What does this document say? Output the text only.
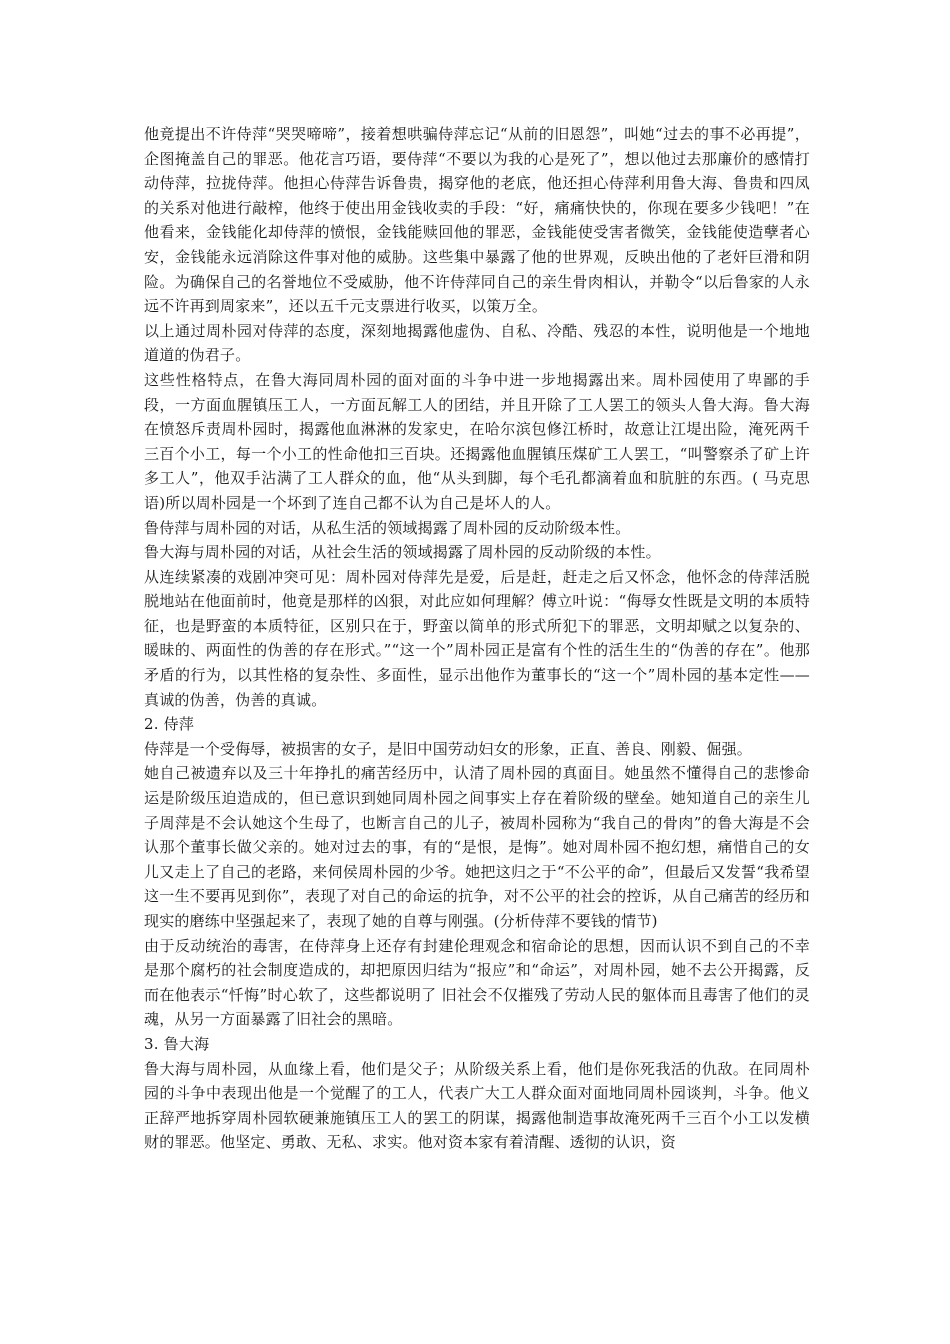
他竟提出不许侍萍“哭哭啼啼”，接着想哄骗侍萍忘记“从前的旧恩怨”，叫她“过去的事不必再提”，企图掩盖自己的罪恶。他花言巧语，要侍萍“不要以为我的心是死了”，想以他过去那廉价的感情打动侍萍，拉拢侍萍。他担心侍萍告诉鲁贵，揭穿他的老底，他还担心侍萍利用鲁大海、鲁贵和四凤的关系对他进行敲榨，他终于使出用金钱收卖的手段：“好，痛痛快快的，你现在要多少钱吧！”在他看来，金钱能化却侍萍的愤恨，金钱能赎回他的罪恶，金钱能使受害者微笑，金钱能使造孽者心安，金钱能永远消除这件事对他的威胁。这些集中暴露了他的世界观，反映出他的了老奸巨滑和阴险。为确保自己的名誉地位不受威胁，他不许侍萍同自己的亲生骨肉相认，并勒令“以后鲁家的人永远不许再到周家来”，还以五千元支票进行收买，以策万全。

以上通过周朴园对侍萍的态度，深刻地揭露他虚伪、自私、冷酷、残忍的本性，说明他是一个地地道道的伪君子。

这些性格特点，在鲁大海同周朴园的面对面的斗争中进一步地揭露出来。周朴园使用了卑鄙的手段，一方面血腥镇压工人，一方面瓦解工人的团结，并且开除了工人罢工的领头人鲁大海。鲁大海在愤怒斥责周朴园时，揭露他血淋淋的发家史，在哈尔滨包修江桥时，故意让江堤出险，淹死两千三百个小工，每一个小工的性命他扣三百块。还揭露他血腥镇压煤矿工人罢工，“叫警察杀了矿上许多工人”，他双手沾满了工人群众的血，他“从头到脚，每个毛孔都滴着血和肮脏的东西。( 马克思语)所以周朴园是一个坏到了连自己都不认为自己是坏人的人。

鲁侍萍与周朴园的对话，从私生活的领域揭露了周朴园的反动阶级本性。

鲁大海与周朴园的对话，从社会生活的领域揭露了周朴园的反动阶级的本性。

从连续紧凑的戏剧冲突可见：周朴园对侍萍先是爱，后是赶，赶走之后又怀念，他怀念的侍萍活脱脱地站在他面前时，他竟是那样的凶狠，对此应如何理解？傅立叶说：“侮辱女性既是文明的本质特征，也是野蛮的本质特征，区别只在于，野蛮以简单的形式所犯下的罪恶，文明却赋之以复杂的、暖昧的、两面性的伪善的存在形式。”“这一个”周朴园正是富有个性的活生生的“伪善的存在”。他那矛盾的行为，以其性格的复杂性、多面性，显示出他作为董事长的“这一个”周朴园的基本定性——真诚的伪善，伪善的真诚。

2. 侍萍

侍萍是一个受侮辱，被损害的女子，是旧中国劳动妇女的形象，正直、善良、刚毅、倔强。

她自己被遗弃以及三十年挣扎的痛苦经历中，认清了周朴园的真面目。她虽然不懂得自己的悲惨命运是阶级压迫造成的，但已意识到她同周朴园之间事实上存在着阶级的壁垒。她知道自己的亲生儿子周萍是不会认她这个生母了，也断言自己的儿子，被周朴园称为“我自己的骨肉”的鲁大海是不会认那个董事长做父亲的。她对过去的事，有的“是恨，是悔”。她对周朴园不抱幻想，痛惜自己的女儿又走上了自己的老路，来伺侯周朴园的少爷。她把这归之于“不公平的命”，但最后又发誓“我希望这一生不要再见到你”，表现了对自己的命运的抗争，对不公平的社会的控诉，从自己痛苦的经历和现实的磨练中坚强起来了，表现了她的自尊与刚强。(分析侍萍不要钱的情节)

由于反动统治的毒害，在侍萍身上还存有封建伦理观念和宿命论的思想，因而认识不到自己的不幸是那个腐朽的社会制度造成的，却把原因归结为“报应”和“命运”，对周朴园，她不去公开揭露，反而在他表示“忏悔”时心软了，这些都说明了 旧社会不仅摧残了劳动人民的躯体而且毒害了他们的灵魂，从另一方面暴露了旧社会的黑暗。

3. 鲁大海

鲁大海与周朴园，从血缘上看，他们是父子；从阶级关系上看，他们是你死我活的仇敌。在同周朴园的斗争中表现出他是一个觉醒了的工人，代表广大工人群众面对面地同周朴园谈判，斗争。他义正辞严地拆穿周朴园软硬兼施镇压工人的罢工的阴谋，揭露他制造事故淹死两千三百个小工以发横财的罪恶。他坚定、勇敢、无私、求实。他对资本家有着清醒、透彻的认识，资
